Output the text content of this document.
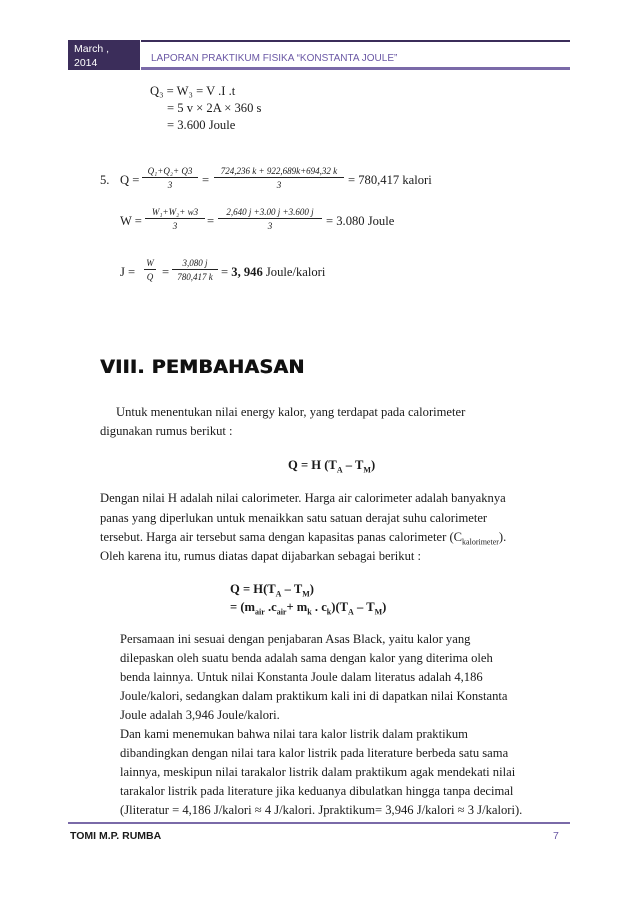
March ,
2014	LAPORAN PRAKTIKUM FISIKA “KONSTANTA JOULE”
Q₃ = W₃ = V .I .t
= 5 v × 2A × 360 s
= 3.600 Joule
5. $Q = \frac{\text{Q₁+Q₂+ Q3}}{3} = \frac{724,236 k + 922,689k+694,32 k}{3} = 780,417$ kalori
$W = \frac{\text{W₁+W₂+ w3}}{3} = \frac{2,640 j +3.00 j +3.600 j}{3} = 3.080$ Joule
$J = \frac{W}{Q} = \frac{3,080 j}{780,417 k} = 3$, 946 Joule/kalori
VIII. PEMBAHASAN
Untuk menentukan nilai energy kalor, yang terdapat pada calorimeter
digunakan rumus berikut :
Q = H $(T_A - T_M)$
Dengan nilai H adalah nilai calorimeter. Harga air calorimeter adalah banyaknya
panas yang diperlukan untuk menaikkan satu satuan derajat suhu calorimeter
tersebut. Harga air tersebut sama dengan kapasitas panas calorimeter $(C_{kalorimeter})$.
Oleh karena itu, rumus diatas dapat dijabarkan sebagai berikut :
$Q = H(T_A - T_M)$
= ($m_{air}$ $.c_{air}+ m_k$ . $c_k)(T_A - T_M)$
Persamaan ini sesuai dengan penjabaran Asas Black, yaitu kalor yang
dilepaskan oleh suatu benda adalah sama dengan kalor yang diterima oleh
benda lainnya. Untuk nilai Konstanta Joule dalam literatus adalah 4,186
Joule/kalori, sedangkan dalam praktikum kali ini di dapatkan nilai Konstanta
Joule adalah 3,946 Joule/kalori.
Dan kami menemukan bahwa nilai tara kalor listrik dalam praktikum
dibandingkan dengan nilai tara kalor listrik pada literature berbeda satu sama
lainnya, meskipun nilai tarakalor listrik dalam praktikum agak mendekati nilai
tarakalor listrik pada literature jika keduanya dibulatkan hingga tanpa decimal
(Jliteratur = 4,186 J/kalori ≈ 4 J/kalori. Jpraktikum= 3,946 J/kalori ≈ 3 J/kalori).
TOMI M.P. RUMBA	7
